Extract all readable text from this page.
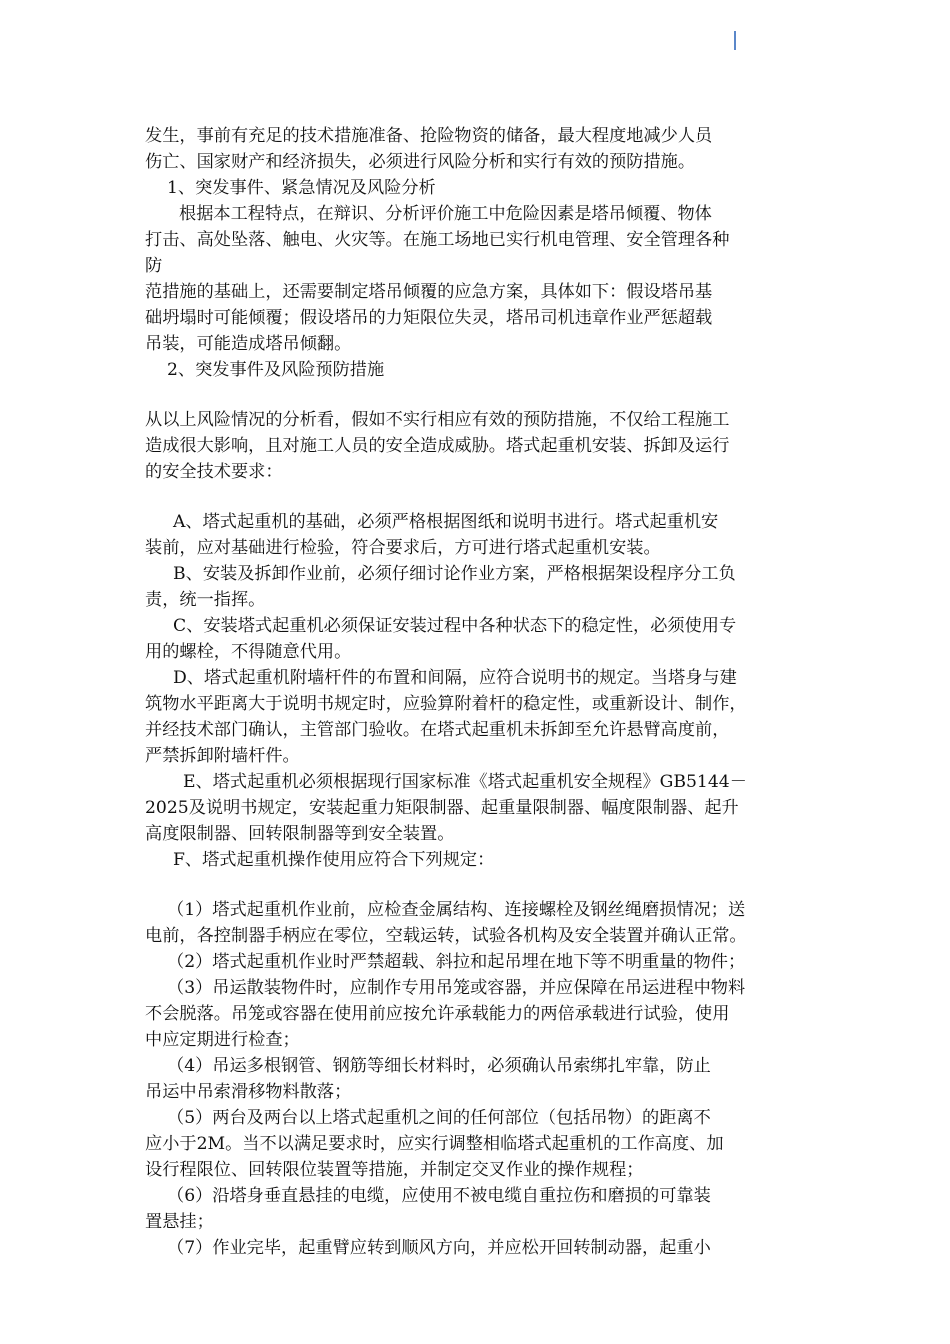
发生，事前有充足的技术措施准备、抢险物资的储备，最大程度地减少人员
伤亡、国家财产和经济损失，必须进行风险分析和实行有效的预防措施。
1、突发事件、紧急情况及风险分析
根据本工程特点，在辩识、分析评价施工中危险因素是塔吊倾覆、物体
打击、高处坠落、触电、火灾等。在施工场地已实行机电管理、安全管理各种
防
范措施的基础上，还需要制定塔吊倾覆的应急方案，具体如下：假设塔吊基
础坍塌时可能倾覆；假设塔吊的力矩限位失灵，塔吊司机违章作业严惩超载
吊装，可能造成塔吊倾翻。
2、突发事件及风险预防措施
从以上风险情况的分析看，假如不实行相应有效的预防措施，不仅给工程施工
造成很大影响，且对施工人员的安全造成威胁。塔式起重机安装、拆卸及运行
的安全技术要求：
A、塔式起重机的基础，必须严格根据图纸和说明书进行。塔式起重机安
装前，应对基础进行检验，符合要求后，方可进行塔式起重机安装。
B、安装及拆卸作业前，必须仔细讨论作业方案，严格根据架设程序分工负
责，统一指挥。
C、安装塔式起重机必须保证安装过程中各种状态下的稳定性，必须使用专
用的螺栓，不得随意代用。
D、塔式起重机附墙杆件的布置和间隔，应符合说明书的规定。当塔身与建
筑物水平距离大于说明书规定时，应验算附着杆的稳定性，或重新设计、制作，
并经技术部门确认，主管部门验收。在塔式起重机未拆卸至允许悬臂高度前，
严禁拆卸附墙杆件。
E、塔式起重机必须根据现行国家标准《塔式起重机安全规程》GB5144－
2025及说明书规定，安装起重力矩限制器、起重量限制器、幅度限制器、起升
高度限制器、回转限制器等到安全装置。
F、塔式起重机操作使用应符合下列规定：
（1）塔式起重机作业前，应检查金属结构、连接螺栓及钢丝绳磨损情况；送
电前，各控制器手柄应在零位，空载运转，试验各机构及安全装置并确认正常。
（2）塔式起重机作业时严禁超载、斜拉和起吊埋在地下等不明重量的物件；
（3）吊运散装物件时，应制作专用吊笼或容器，并应保障在吊运进程中物料
不会脱落。吊笼或容器在使用前应按允许承载能力的两倍承载进行试验，使用
中应定期进行检查；
（4）吊运多根钢管、钢筋等细长材料时，必须确认吊索绑扎牢靠，防止
吊运中吊索滑移物料散落；
（5）两台及两台以上塔式起重机之间的任何部位（包括吊物）的距离不
应小于2M。当不以满足要求时，应实行调整相临塔式起重机的工作高度、加
设行程限位、回转限位装置等措施，并制定交叉作业的操作规程；
（6）沿塔身垂直悬挂的电缆，应使用不被电缆自重拉伤和磨损的可靠装
置悬挂；
（7）作业完毕，起重臂应转到顺风方向，并应松开回转制动器，起重小
